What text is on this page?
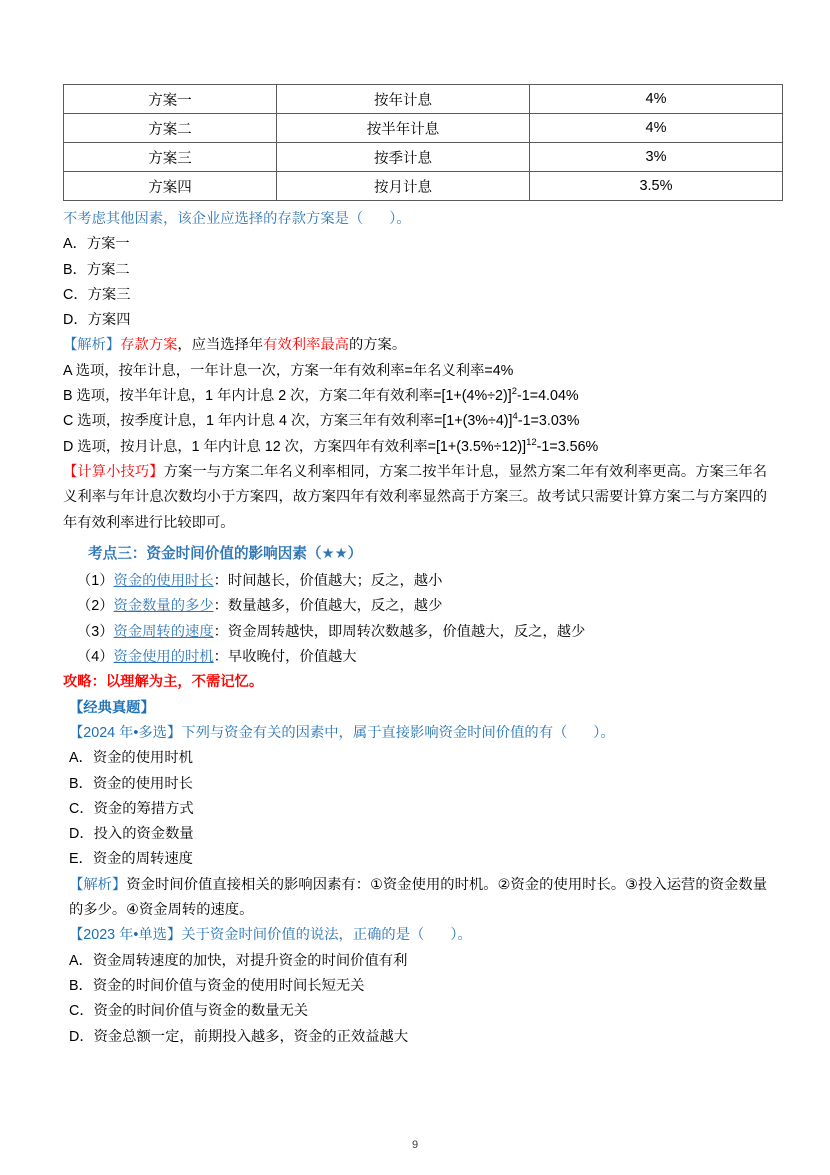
方案一	按年计息	4%
方案二	按半年计息	4%
方案三	按季计息	3%
方案四	按月计息	3.5%
不考虑其他因素，该企业应选择的存款方案是（ ）。
A．方案一
B．方案二
C．方案三
D．方案四
【解析】存款方案，应当选择年有效利率最高的方案。
A 选项，按年计息，一年计息一次，方案一年有效利率=年名义利率=4%
B 选项，按半年计息，1 年内计息 2 次，方案二年有效利率$=[1+(4\%\div 2)]^2-1=4.04\%$
C 选项，按季度计息，1 年内计息 4 次，方案三年有效利率$=[1+(3\%\div 4)]^4-1=3.03\%$
D 选项，按月计息，1 年内计息 12 次，方案四年有效利率$=[1+(3.5\%\div 12)]^{12}-1=3.56\%$
【计算小技巧】方案一与方案二年名义利率相同，方案二按半年计息，显然方案二年有效利率更高。方案三年名义利率与年计息次数均小于方案四，故方案四年有效利率显然高于方案三。故考试只需要计算方案二与方案四的年有效利率进行比较即可。
考点三：资金时间价值的影响因素（★★）
（1）资金的使用时长：时间越长，价值越大；反之，越小
（2）资金数量的多少：数量越多，价值越大，反之，越少
（3）资金周转的速度：资金周转越快，即周转次数越多，价值越大，反之，越少
（4）资金使用的时机：早收晚付，价值越大
攻略：以理解为主，不需记忆。
【经典真题】
【2024 年•多选】下列与资金有关的因素中，属于直接影响资金时间价值的有（ ）。
A．资金的使用时机
B．资金的使用时长
C．资金的筹措方式
D．投入的资金数量
E．资金的周转速度
【解析】资金时间价值直接相关的影响因素有：①资金使用的时机。②资金的使用时长。③投入运营的资金数量的多少。④资金周转的速度。
【2023 年•单选】关于资金时间价值的说法，正确的是（ ）。
A．资金周转速度的加快，对提升资金的时间价值有利
B．资金的时间价值与资金的使用时间长短无关
C．资金的时间价值与资金的数量无关
D．资金总额一定，前期投入越多，资金的正效益越大
9
